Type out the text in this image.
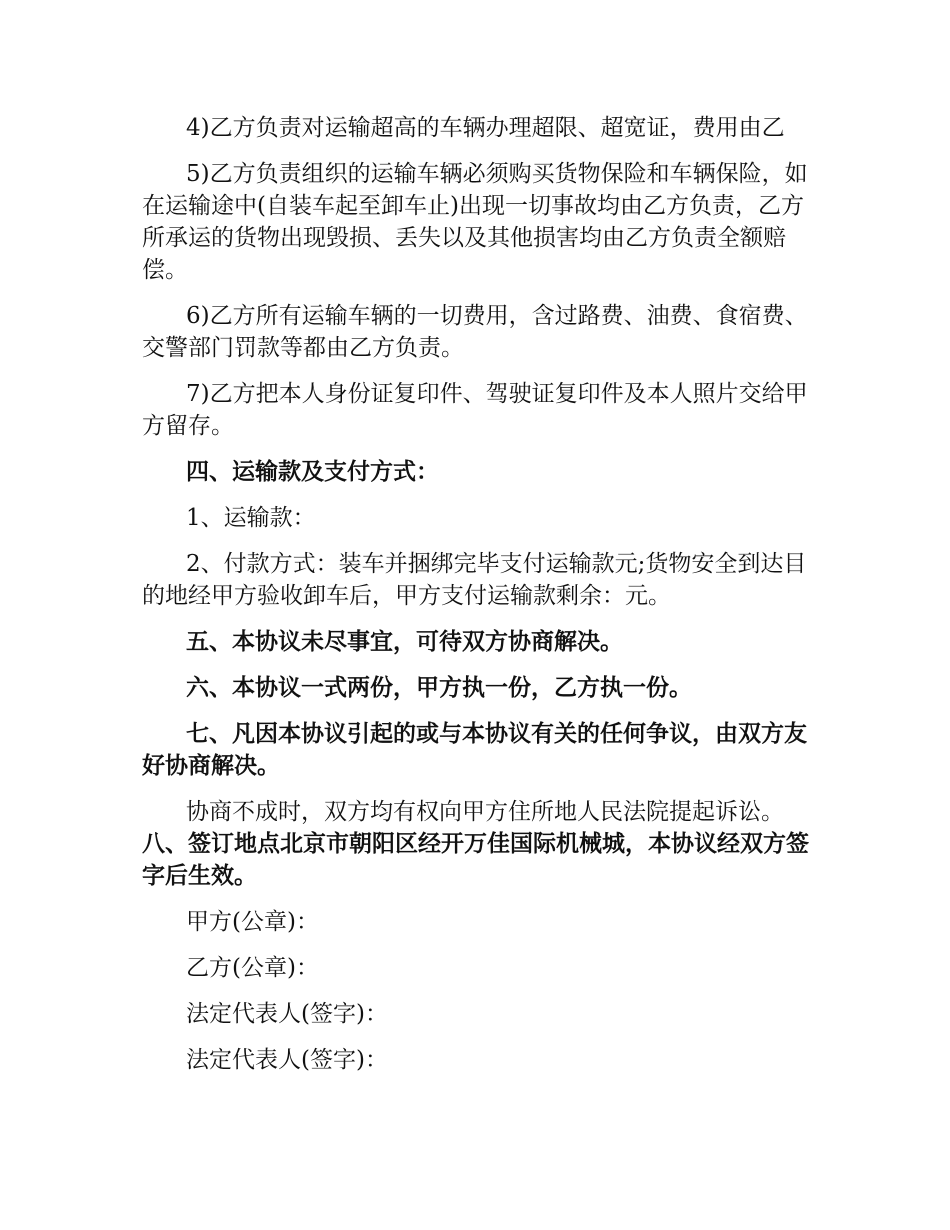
4)乙方负责对运输超高的车辆办理超限、超宽证，费用由乙

5)乙方负责组织的运输车辆必须购买货物保险和车辆保险，如在运输途中(自装车起至卸车止)出现一切事故均由乙方负责，乙方所承运的货物出现毁损、丢失以及其他损害均由乙方负责全额赔偿。

6)乙方所有运输车辆的一切费用，含过路费、油费、食宿费、交警部门罚款等都由乙方负责。

7)乙方把本人身份证复印件、驾驶证复印件及本人照片交给甲方留存。

四、运输款及支付方式：

1、运输款：

2、付款方式：装车并捆绑完毕支付运输款元;货物安全到达目的地经甲方验收卸车后，甲方支付运输款剩余：元。

五、本协议未尽事宜，可待双方协商解决。

六、本协议一式两份，甲方执一份，乙方执一份。

七、凡因本协议引起的或与本协议有关的任何争议，由双方友好协商解决。

协商不成时，双方均有权向甲方住所地人民法院提起诉讼。

八、签订地点北京市朝阳区经开万佳国际机械城，本协议经双方签字后生效。

甲方(公章)：

乙方(公章)：

法定代表人(签字)：

法定代表人(签字)：
